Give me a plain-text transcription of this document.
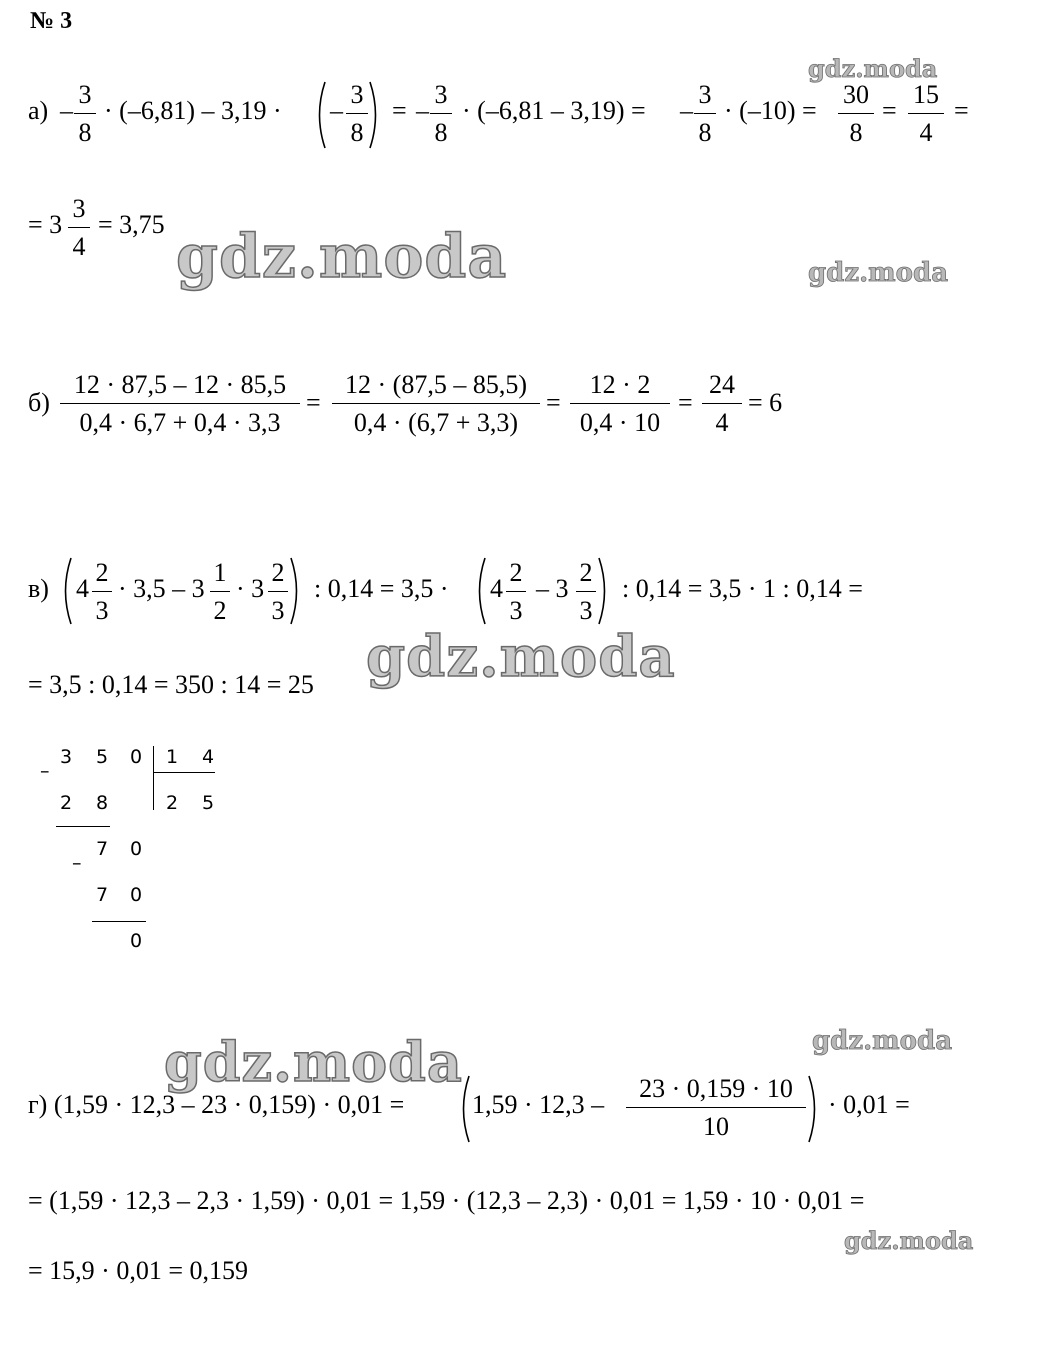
№ 3
а) –
3
8
· (–6,81) – 3,19 · –
3
8
= –
3
8
· (–6,81 – 3,19) = –
3
8
· (–10) =
30
8
=
15
4
=
= 3
3
4
= 3,75
б)
12 · 87,5 – 12 · 85,5
0,4 · 6,7 + 0,4 · 3,3
=
12 · (87,5 – 85,5)
0,4 · (6,7 + 3,3)
=
12 · 2
0,4 · 10
=
24
4
= 6
в) 4
2
3
· 3,5 – 3
1
2
· 3
2
3
: 0,14 = 3,5 · 4
2
3
– 3
2
3
: 0,14 = 3,5 · 1 : 0,14 =
= 3,5 : 0,14 = 350 : 14 = 25
–
3 5 0 1 4
2 8	2 5
–
7 0
7 0
0
г) (1,59 · 12,3 – 23 · 0,159) · 0,01 =	1,59 · 12,3 –
23 · 0,159 · 10
10
· 0,01 =
= (1,59 · 12,3 – 2,3 · 1,59) · 0,01 = 1,59 · (12,3 – 2,3) · 0,01 = 1,59 · 10 · 0,01 =
= 15,9 · 0,01 = 0,159
gdz.moda
gdz.moda	gdz.moda
gdz.moda
gdz.moda	gdz.moda
gdz.moda
